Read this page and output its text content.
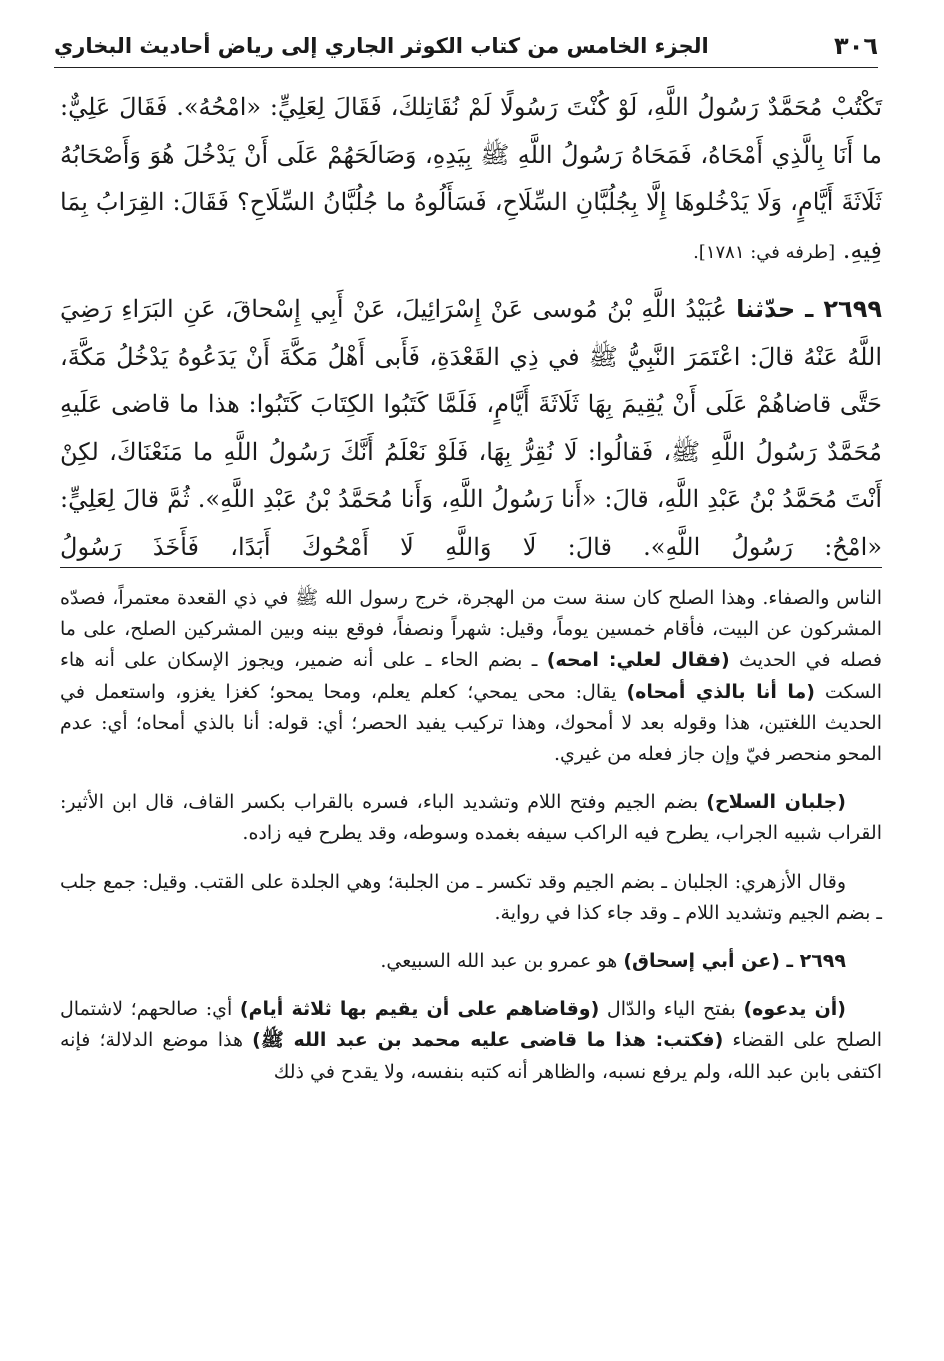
٣٠٦
الجزء الخامس من كتاب الكوثر الجاري إلى رياض أحاديث البخاري

تَكْتُبْ مُحَمَّدٌ رَسُولُ اللَّهِ، لَوْ كُنْتَ رَسُولًا لَمْ نُقَاتِلكَ، فَقَالَ لِعَلِيٍّ: «امْحُهُ». فَقَالَ عَلِيٌّ: ما أَنَا بِالَّذِي أَمْحَاهُ، فَمَحَاهُ رَسُولُ اللَّهِ ﷺ بِيَدِهِ، وَصَالَحَهُمْ عَلَى أَنْ يَدْخُلَ هُوَ وَأَصْحَابُهُ ثَلَاثَةَ أَيَّامٍ، وَلَا يَدْخُلوهَا إِلَّا بِجُلُبَّانِ السِّلَاحِ، فَسَأَلُوهُ ما جُلُبَّانُ السِّلَاحِ؟ فَقَالَ: القِرَابُ بِمَا فِيهِ. [طرفه في: ١٧٨١].

٢٦٩٩ ـ حدّثنا عُبَيْدُ اللَّهِ بْنُ مُوسى عَنْ إِسْرَائِيلَ، عَنْ أَبِي إِسْحاقَ، عَنِ البَرَاءِ رَضِيَ اللَّهُ عَنْهُ قالَ: اعْتَمَرَ النَّبِيُّ ﷺ في ذِي القَعْدَةِ، فَأَبى أَهْلُ مَكَّةَ أَنْ يَدَعُوهُ يَدْخُلُ مَكَّةَ، حَتَّى قاضاهُمْ عَلَى أَنْ يُقِيمَ بِهَا ثَلَاثَةَ أَيَّامٍ، فَلَمَّا كَتَبُوا الكِتَابَ كَتَبُوا: هذا ما قاضى عَلَيهِ مُحَمَّدٌ رَسُولُ اللَّهِ ﷺ، فَقالُوا: لَا نُقِرُّ بِهَا، فَلَوْ نَعْلَمُ أَنَّكَ رَسُولُ اللَّهِ ما مَنَعْنَاكَ، لكِنْ أَنْتَ مُحَمَّدُ بْنُ عَبْدِ اللَّهِ، قالَ: «أَنا رَسُولُ اللَّهِ، وَأَنا مُحَمَّدُ بْنُ عَبْدِ اللَّهِ». ثُمَّ قالَ لِعَلِيٍّ: «امْحُ: رَسُولُ اللَّهِ». قالَ: لَا وَاللَّهِ لَا أَمْحُوكَ أَبَدًا، فَأَخَذَ رَسُولُ

الناس والصفاء. وهذا الصلح كان سنة ست من الهجرة، خرج رسول الله ﷺ في ذي القعدة معتمراً، فصدّه المشركون عن البيت، فأقام خمسين يوماً، وقيل: شهراً ونصفاً، فوقع بينه وبين المشركين الصلح، على ما فصله في الحديث (فقال لعلي: امحه) ـ بضم الحاء ـ على أنه ضمير، ويجوز الإسكان على أنه هاء السكت (ما أنا بالذي أمحاه) يقال: محى يمحي؛ كعلم يعلم، ومحا يمحو؛ كغزا يغزو، واستعمل في الحديث اللغتين، هذا وقوله بعد لا أمحوك، وهذا تركيب يفيد الحصر؛ أي: قوله: أنا بالذي أمحاه؛ أي: عدم المحو منحصر فيّ وإن جاز فعله من غيري.

(جلبان السلاح) بضم الجيم وفتح اللام وتشديد الباء، فسره بالقراب بكسر القاف، قال ابن الأثير: القراب شبيه الجراب، يطرح فيه الراكب سيفه بغمده وسوطه، وقد يطرح فيه زاده.

وقال الأزهري: الجلبان ـ بضم الجيم وقد تكسر ـ من الجلبة؛ وهي الجلدة على القتب. وقيل: جمع جلب ـ بضم الجيم وتشديد اللام ـ وقد جاء كذا في رواية.

٢٦٩٩ ـ (عن أبي إسحاق) هو عمرو بن عبد الله السبيعي.

(أن يدعوه) بفتح الياء والدّال (وقاضاهم على أن يقيم بها ثلاثة أيام) أي: صالحهم؛ لاشتمال الصلح على القضاء (فكتب: هذا ما قاضى عليه محمد بن عبد الله ﷺ) هذا موضع الدلالة؛ فإنه اكتفى بابن عبد الله، ولم يرفع نسبه، والظاهر أنه كتبه بنفسه، ولا يقدح في ذلك
